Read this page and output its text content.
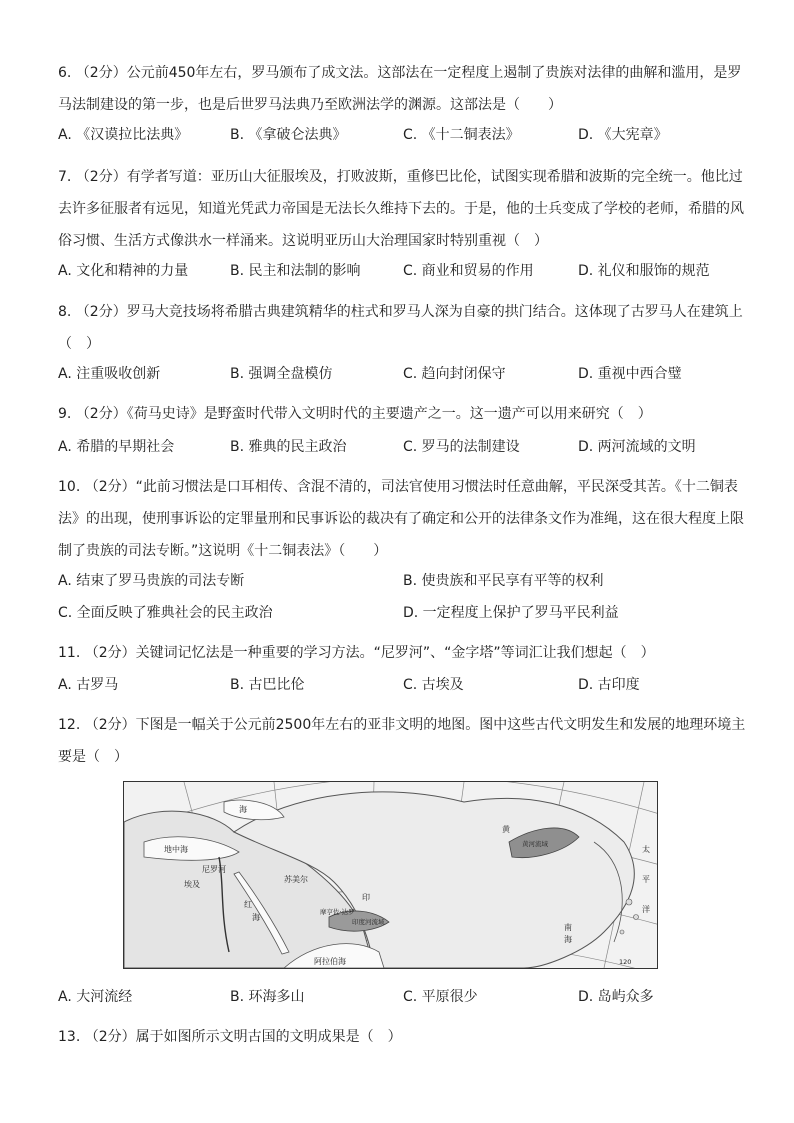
6. （2分）公元前450年左右，罗马颁布了成文法。这部法在一定程度上遏制了贵族对法律的曲解和滥用，是罗
马法制建设的第一步，也是后世罗马法典乃至欧洲法学的渊源。这部法是（　　）
A. 《汉谟拉比法典》	B. 《拿破仑法典》	C. 《十二铜表法》	D. 《大宪章》
7. （2分）有学者写道：亚历山大征服埃及，打败波斯，重修巴比伦，试图实现希腊和波斯的完全统一。他比过
去许多征服者有远见，知道光凭武力帝国是无法长久维持下去的。于是，他的士兵变成了学校的老师，希腊的风
俗习惯、生活方式像洪水一样涌来。这说明亚历山大治理国家时特别重视（　）
A. 文化和精神的力量	B. 民主和法制的影响	C. 商业和贸易的作用	D. 礼仪和服饰的规范
8. （2分）罗马大竞技场将希腊古典建筑精华的柱式和罗马人深为自豪的拱门结合。这体现了古罗马人在建筑上
（　）
A. 注重吸收创新	B. 强调全盘模仿	C. 趋向封闭保守	D. 重视中西合璧
9. （2分）《荷马史诗》是野蛮时代带入文明时代的主要遗产之一。这一遗产可以用来研究（　）
A. 希腊的早期社会	B. 雅典的民主政治	C. 罗马的法制建设	D. 两河流域的文明
10. （2分）“此前习惯法是口耳相传、含混不清的，司法官使用习惯法时任意曲解，平民深受其苦。《十二铜表
法》的出现，使刑事诉讼的定罪量刑和民事诉讼的裁决有了确定和公开的法律条文作为准绳，这在很大程度上限
制了贵族的司法专断。”这说明《十二铜表法》（　　）
A. 结束了罗马贵族的司法专断	B. 使贵族和平民享有平等的权利
C. 全面反映了雅典社会的民主政治	D. 一定程度上保护了罗马平民利益
11. （2分）关键词记忆法是一种重要的学习方法。“尼罗河”、“金字塔”等词汇让我们想起（　）
A. 古罗马	B. 古巴比伦	C. 古埃及	D. 古印度
12. （2分）下图是一幅关于公元前2500年左右的亚非文明的地图。图中这些古代文明发生和发展的地理环境主
要是（　）
海
地中海
埃及
尼罗河
红
海
苏美尔
印
印度河流域
摩亨佐·达罗
黄河流域
黄
太
平
洋
南
海
阿拉伯海	120
A. 大河流经	B. 环海多山	C. 平原很少	D. 岛屿众多
13. （2分）属于如图所示文明古国的文明成果是（　）
